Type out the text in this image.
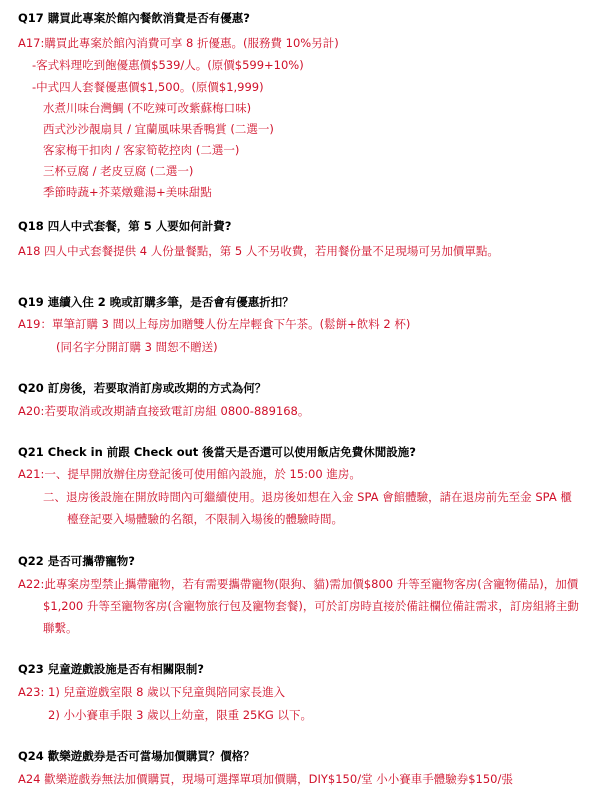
Q17 購買此專案於館內餐飲消費是否有優惠?
A17:購買此專案於館內消費可享 8 折優惠。(服務費 10%另計)
-客式料理吃到飽優惠價$539/人。(原價$599+10%)
-中式四人套餐優惠價$1,500。(原價$1,999)
水煮川味台灣鯛 (不吃辣可改紫蘇梅口味)
西式沙沙靚扇貝 / 宜蘭風味果香鴨賞 (二選一)
客家梅干扣肉 / 客家筍乾控肉 (二選一)
三杯豆腐 / 老皮豆腐 (二選一)
季節時蔬+芥菜燉雞湯+美味甜點
Q18 四人中式套餐，第 5 人要如何計費?
A18 四人中式套餐提供 4 人份量餐點，第 5 人不另收費，若用餐份量不足現場可另加價單點。
Q19 連續入住 2 晚或訂購多筆，是否會有優惠折扣？
A19：單筆訂購 3 間以上每房加贈雙人份左岸輕食下午茶。(鬆餅+飲料 2 杯)
(同名字分開訂購 3 間恕不贈送)
Q20 訂房後，若要取消訂房或改期的方式為何？
A20:若要取消或改期請直接致電訂房組 0800-889168。
Q21 Check in 前跟 Check out 後當天是否還可以使用飯店免費休閒設施?
A21:一、提早開放辦住房登記後可使用館內設施，於 15:00 進房。
二、退房後設施在開放時間內可繼續使用。退房後如想在入金 SPA 會館體驗，請在退房前先至金 SPA 櫃
檯登記要入場體驗的名額，不限制入場後的體驗時間。
Q22 是否可攜帶寵物?
A22:此專案房型禁止攜帶寵物，若有需要攜帶寵物(限狗、貓)需加價$800 升等至寵物客房(含寵物備品)，加價
$1,200 升等至寵物客房(含寵物旅行包及寵物套餐)，可於訂房時直接於備註欄位備註需求，訂房組將主動
聯繫。
Q23 兒童遊戲設施是否有相關限制?
A23: 1) 兒童遊戲室限 8 歲以下兒童與陪同家長進入
2) 小小賽車手限 3 歲以上幼童，限重 25KG 以下。
Q24 歡樂遊戲券是否可當場加價購買？價格？
A24 歡樂遊戲券無法加價購買，現場可選擇單項加價購，DIY$150/堂 小小賽車手體驗券$150/張
